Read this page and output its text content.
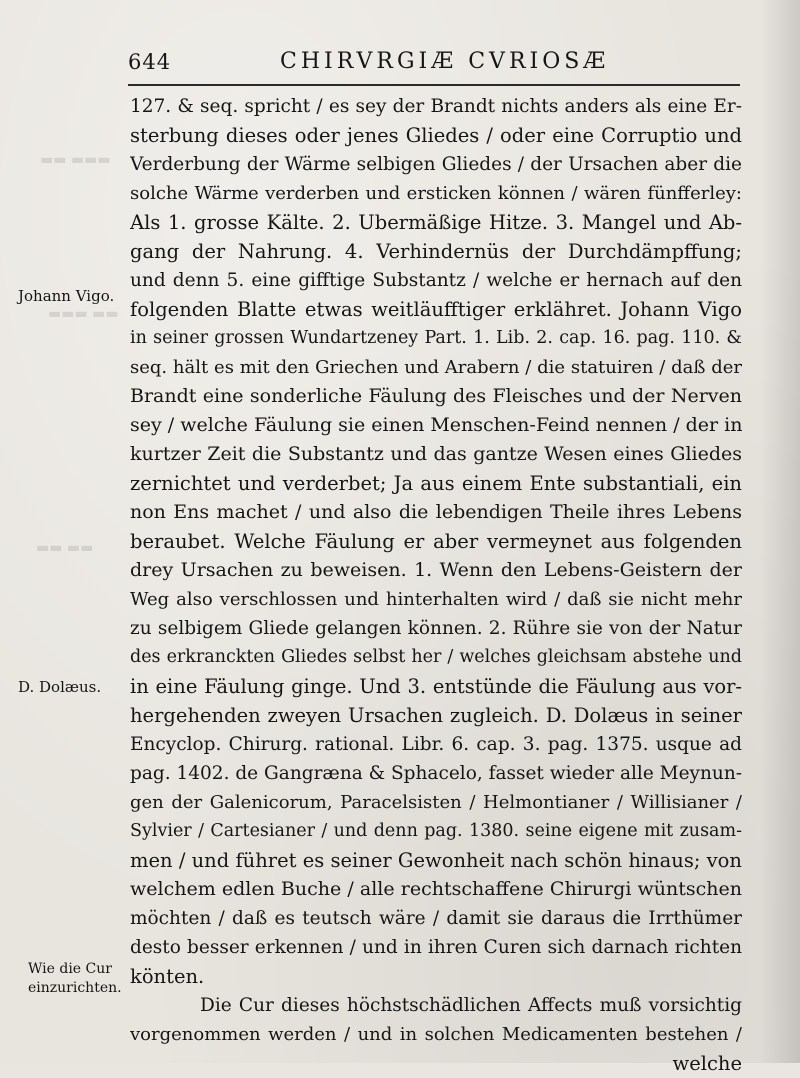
▬▬ ▬▬▬
▬▬▬ ▬▬
▬▬ ▬▬
644	CHIRVRGIÆ CVRIOSÆ
Johann Vigo.
D. Dolæus.
Wie die Cur
einzurichten.
127. & seq. spricht / es sey der Brandt nichts anders als eine Er-
sterbung dieses oder jenes Gliedes / oder eine Corruptio und
Verderbung der Wärme selbigen Gliedes / der Ursachen aber die
solche Wärme verderben und ersticken können / wären fünfferley:
Als 1. grosse Kälte. 2. Ubermäßige Hitze. 3. Mangel und Ab-
gang der Nahrung. 4. Verhindernüs der Durchdämpffung;
und denn 5. eine gifftige Substantz / welche er hernach auf den
folgenden Blatte etwas weitläufftiger erklähret. Johann Vigo
in seiner grossen Wundartzeney Part. 1. Lib. 2. cap. 16. pag. 110. &
seq. hält es mit den Griechen und Arabern / die statuiren / daß der
Brandt eine sonderliche Fäulung des Fleisches und der Nerven
sey / welche Fäulung sie einen Menschen-Feind nennen / der in
kurtzer Zeit die Substantz und das gantze Wesen eines Gliedes
zernichtet und verderbet; Ja aus einem Ente substantiali, ein
non Ens machet / und also die lebendigen Theile ihres Lebens
beraubet. Welche Fäulung er aber vermeynet aus folgenden
drey Ursachen zu beweisen. 1. Wenn den Lebens-Geistern der
Weg also verschlossen und hinterhalten wird / daß sie nicht mehr
zu selbigem Gliede gelangen können. 2. Rühre sie von der Natur
des erkranckten Gliedes selbst her / welches gleichsam abstehe und
in eine Fäulung ginge. Und 3. entstünde die Fäulung aus vor-
hergehenden zweyen Ursachen zugleich. D. Dolæus in seiner
Encyclop. Chirurg. rational. Libr. 6. cap. 3. pag. 1375. usque ad
pag. 1402. de Gangræna & Sphacelo, fasset wieder alle Meynun-
gen der Galenicorum, Paracelsisten / Helmontianer / Willisianer /
Sylvier / Cartesianer / und denn pag. 1380. seine eigene mit zusam-
men / und führet es seiner Gewonheit nach schön hinaus; von
welchem edlen Buche / alle rechtschaffene Chirurgi wüntschen
möchten / daß es teutsch wäre / damit sie daraus die Irrthümer
desto besser erkennen / und in ihren Curen sich darnach richten
könten.
Die Cur dieses höchstschädlichen Affects muß vorsichtig
vorgenommen werden / und in solchen Medicamenten bestehen /
welche
